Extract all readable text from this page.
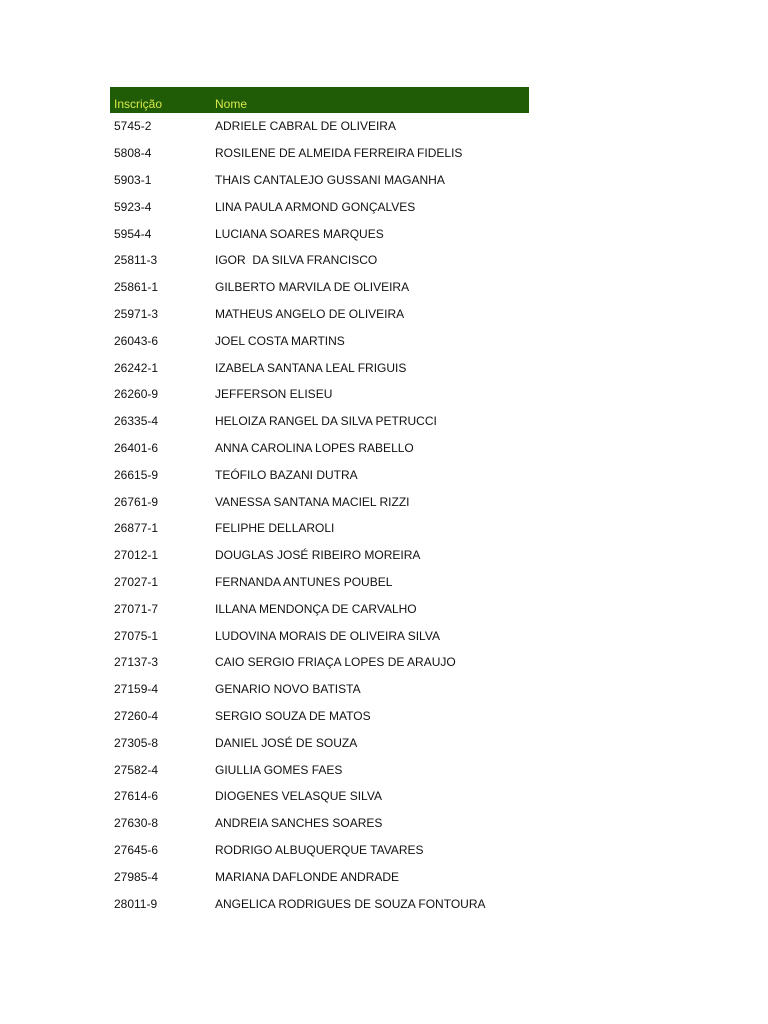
Inscrição	Nome
5745-2	ADRIELE CABRAL DE OLIVEIRA
5808-4	ROSILENE DE ALMEIDA FERREIRA FIDELIS
5903-1	THAIS CANTALEJO GUSSANI MAGANHA
5923-4	LINA PAULA ARMOND GONÇALVES
5954-4	LUCIANA SOARES MARQUES
25811-3	IGOR  DA SILVA FRANCISCO
25861-1	GILBERTO MARVILA DE OLIVEIRA
25971-3	MATHEUS ANGELO DE OLIVEIRA
26043-6	JOEL COSTA MARTINS
26242-1	IZABELA SANTANA LEAL FRIGUIS
26260-9	JEFFERSON ELISEU
26335-4	HELOIZA RANGEL DA SILVA PETRUCCI
26401-6	ANNA CAROLINA LOPES RABELLO
26615-9	TEÓFILO BAZANI DUTRA
26761-9	VANESSA SANTANA MACIEL RIZZI
26877-1	FELIPHE DELLAROLI
27012-1	DOUGLAS JOSÉ RIBEIRO MOREIRA
27027-1	FERNANDA ANTUNES POUBEL
27071-7	ILLANA MENDONÇA DE CARVALHO
27075-1	LUDOVINA MORAIS DE OLIVEIRA SILVA
27137-3	CAIO SERGIO FRIAÇA LOPES DE ARAUJO
27159-4	GENARIO NOVO BATISTA
27260-4	SERGIO SOUZA DE MATOS
27305-8	DANIEL JOSÉ DE SOUZA
27582-4	GIULLIA GOMES FAES
27614-6	DIOGENES VELASQUE SILVA
27630-8	ANDREIA SANCHES SOARES
27645-6	RODRIGO ALBUQUERQUE TAVARES
27985-4	MARIANA DAFLONDE ANDRADE
28011-9	ANGELICA RODRIGUES DE SOUZA FONTOURA
